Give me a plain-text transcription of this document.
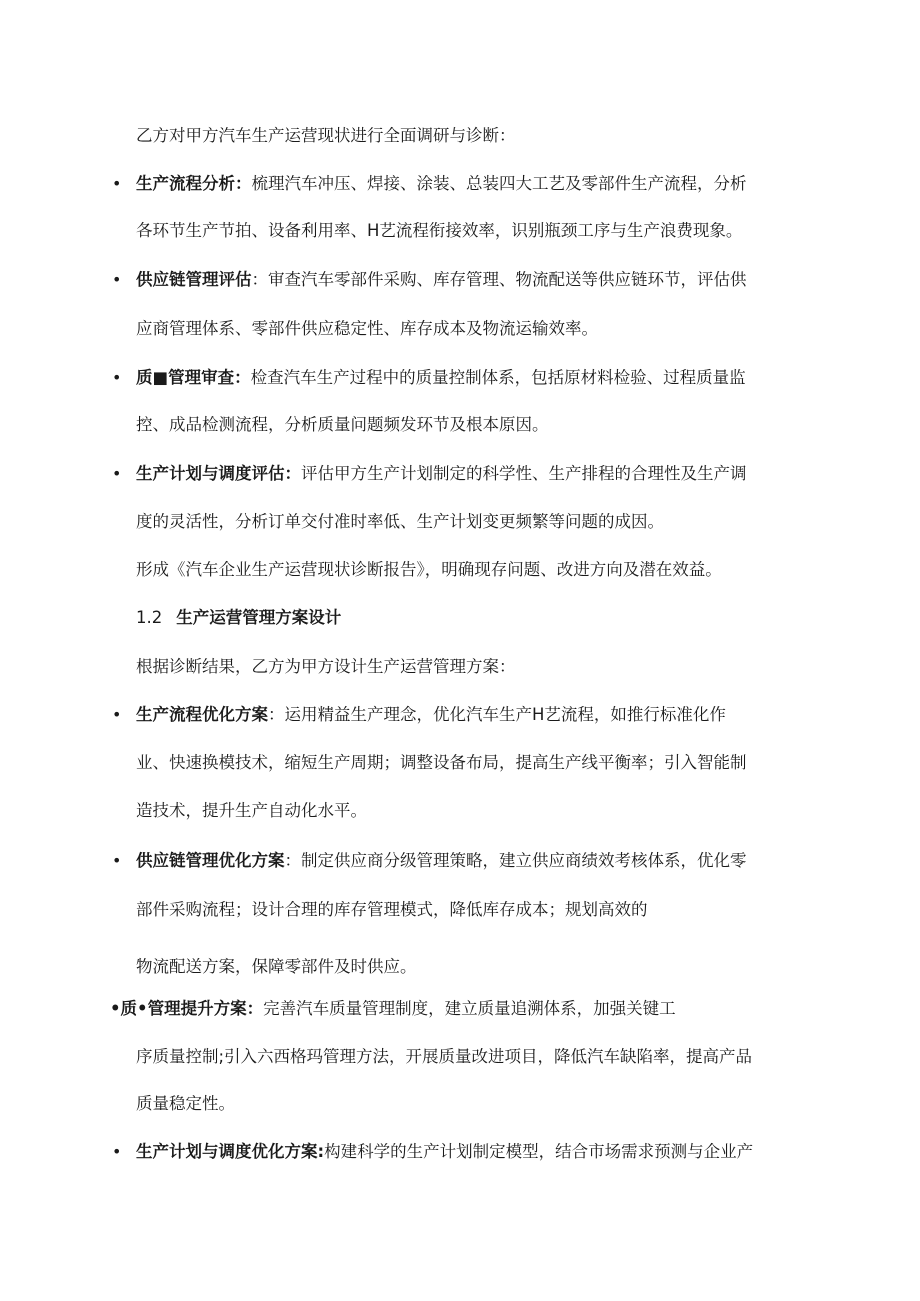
乙方对甲方汽车生产运营现状进行全面调研与诊断：
• 生产流程分析：梳理汽车冲压、焊接、涂装、总装四大工艺及零部件生产流程，分析
各环节生产节拍、设备利用率、H艺流程衔接效率，识别瓶颈工序与生产浪费现象。
• 供应链管理评估：审查汽车零部件采购、库存管理、物流配送等供应链环节，评估供
应商管理体系、零部件供应稳定性、库存成本及物流运输效率。
• 质■管理审查：检查汽车生产过程中的质量控制体系，包括原材料检验、过程质量监
控、成品检测流程，分析质量问题频发环节及根本原因。
• 生产计划与调度评估：评估甲方生产计划制定的科学性、生产排程的合理性及生产调
度的灵活性，分析订单交付准时率低、生产计划变更频繁等问题的成因。
形成《汽车企业生产运营现状诊断报告》，明确现存问题、改进方向及潜在效益。
1.2 生产运营管理方案设计
根据诊断结果，乙方为甲方设计生产运营管理方案：
• 生产流程优化方案：运用精益生产理念，优化汽车生产H艺流程，如推行标准化作
业、快速换模技术，缩短生产周期；调整设备布局，提高生产线平衡率；引入智能制
造技术，提升生产自动化水平。
• 供应链管理优化方案：制定供应商分级管理策略，建立供应商绩效考核体系，优化零
部件采购流程；设计合理的库存管理模式，降低库存成本；规划高效的
物流配送方案，保障零部件及时供应。
•质•管理提升方案：完善汽车质量管理制度，建立质量追溯体系，加强关键工
序质量控制;引入六西格玛管理方法，开展质量改进项目，降低汽车缺陷率，提高产品
质量稳定性。
• 生产计划与调度优化方案:构建科学的生产计划制定模型，结合市场需求预测与企业产
